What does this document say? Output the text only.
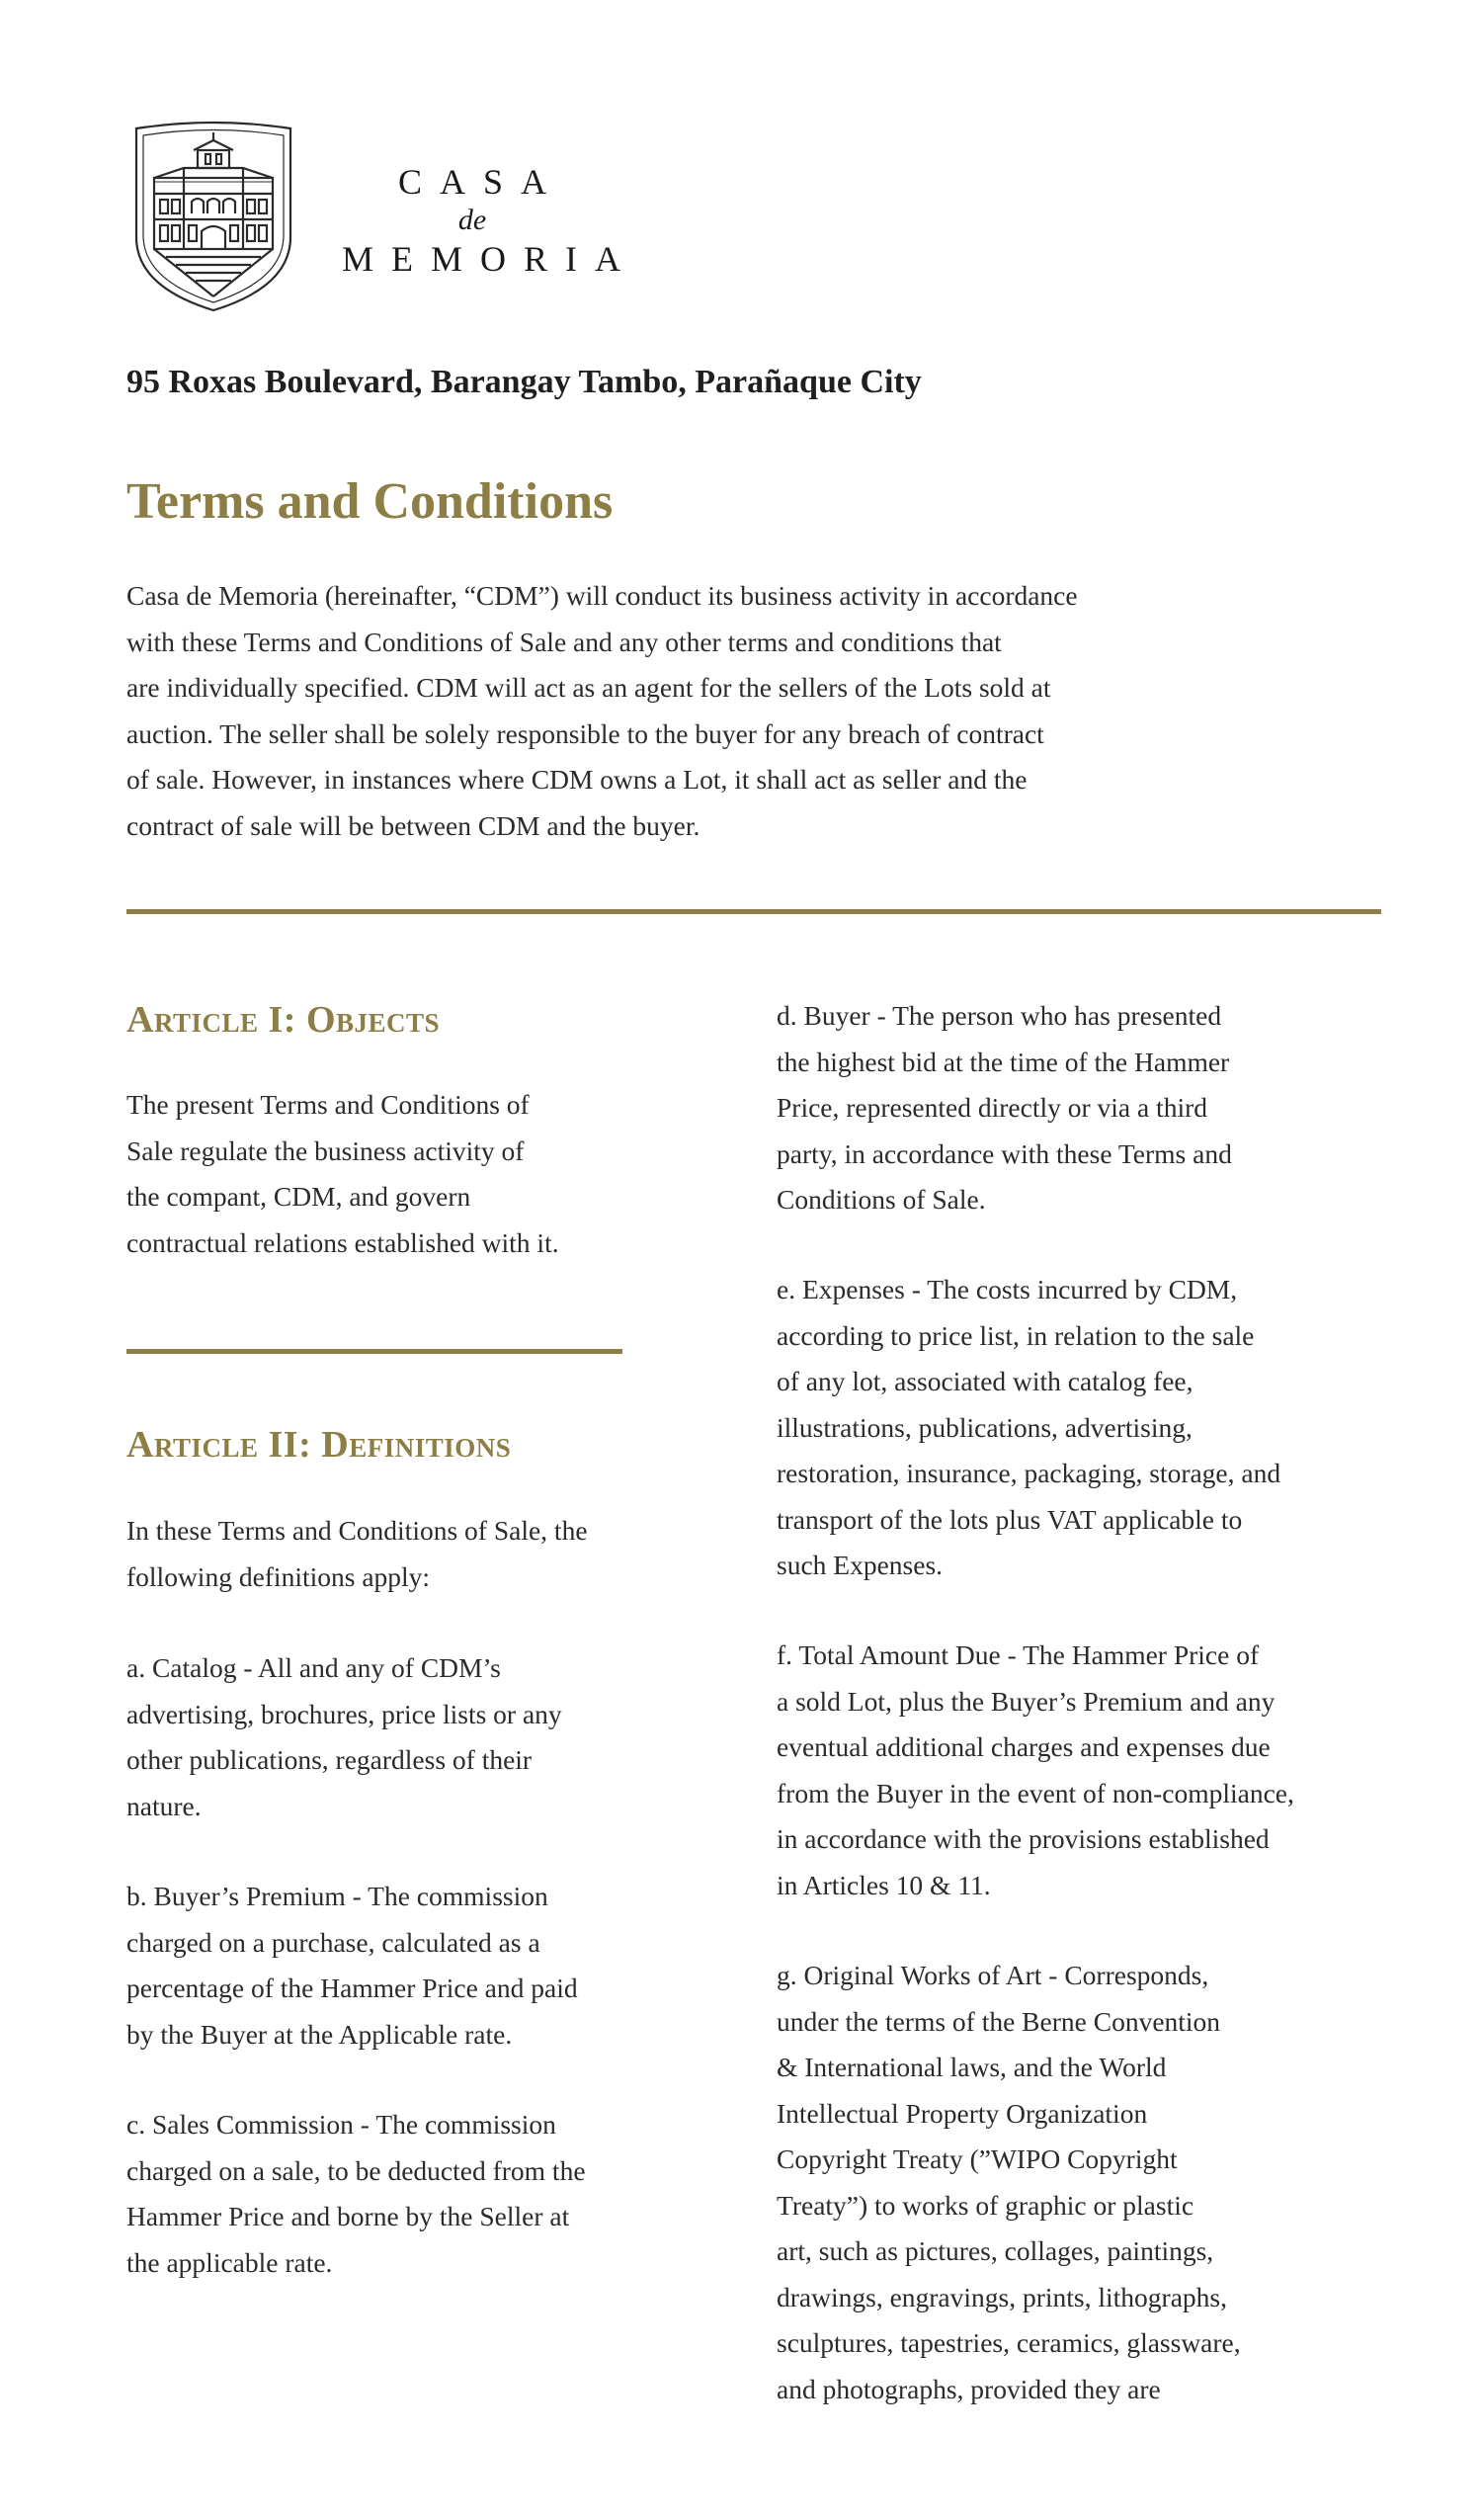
CASA
de
MEMORIA
95 Roxas Boulevard, Barangay Tambo, Parañaque City
Terms and Conditions

Casa de Memoria (hereinafter, “CDM”) will conduct its business activity in accordance
with these Terms and Conditions of Sale and any other terms and conditions that
are individually specified. CDM will act as an agent for the sellers of the Lots sold at
auction. The seller shall be solely responsible to the buyer for any breach of contract
of sale. However, in instances where CDM owns a Lot, it shall act as seller and the
contract of sale will be between CDM and the buyer.

Article I: Objects

The present Terms and Conditions of
Sale regulate the business activity of
the compant, CDM, and govern
contractual relations established with it.

Article II: Definitions

In these Terms and Conditions of Sale, the
following definitions apply:

a. Catalog - All and any of CDM’s
advertising, brochures, price lists or any
other publications, regardless of their
nature.

b. Buyer’s Premium - The commission
charged on a purchase, calculated as a
percentage of the Hammer Price and paid
by the Buyer at the Applicable rate.

c. Sales Commission - The commission
charged on a sale, to be deducted from the
Hammer Price and borne by the Seller at
the applicable rate.

d. Buyer - The person who has presented
the highest bid at the time of the Hammer
Price, represented directly or via a third
party, in accordance with these Terms and
Conditions of Sale.

e. Expenses - The costs incurred by CDM,
according to price list, in relation to the sale
of any lot, associated with catalog fee,
illustrations, publications, advertising,
restoration, insurance, packaging, storage, and
transport of the lots plus VAT applicable to
such Expenses.

f. Total Amount Due - The Hammer Price of
a sold Lot, plus the Buyer’s Premium and any
eventual additional charges and expenses due
from the Buyer in the event of non-compliance,
in accordance with the provisions established
in Articles 10 & 11.

g. Original Works of Art - Corresponds,
under the terms of the Berne Convention
& International laws, and the World
Intellectual Property Organization
Copyright Treaty (”WIPO Copyright
Treaty”) to works of graphic or plastic
art, such as pictures, collages, paintings,
drawings, engravings, prints, lithographs,
sculptures, tapestries, ceramics, glassware,
and photographs, provided they are
